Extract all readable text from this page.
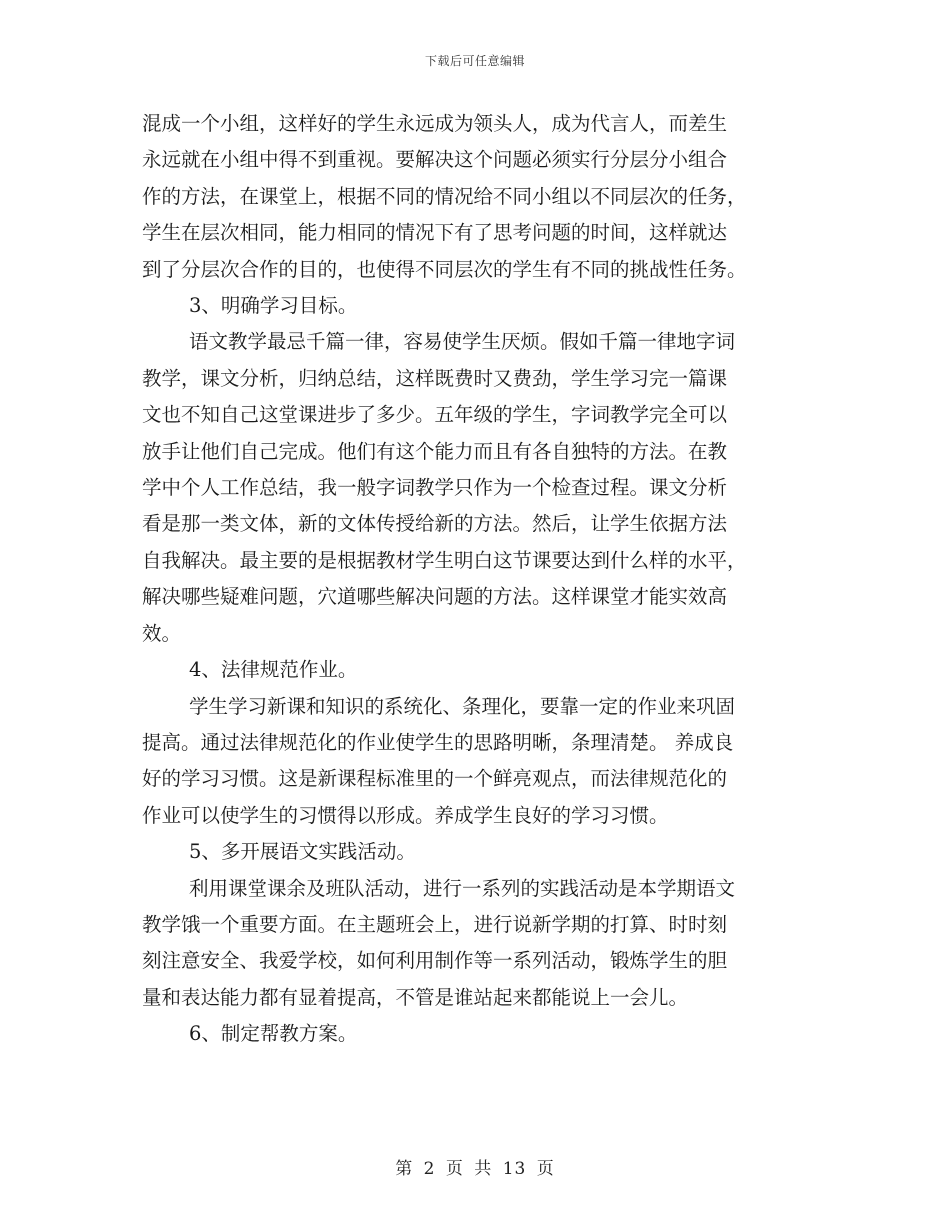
下载后可任意编辑
混成一个小组，这样好的学生永远成为领头人，成为代言人，而差生
永远就在小组中得不到重视。要解决这个问题必须实行分层分小组合
作的方法，在课堂上，根据不同的情况给不同小组以不同层次的任务，
学生在层次相同，能力相同的情况下有了思考问题的时间，这样就达
到了分层次合作的目的，也使得不同层次的学生有不同的挑战性任务。
3、明确学习目标。
语文教学最忌千篇一律，容易使学生厌烦。假如千篇一律地字词
教学，课文分析，归纳总结，这样既费时又费劲，学生学习完一篇课
文也不知自己这堂课进步了多少。五年级的学生，字词教学完全可以
放手让他们自己完成。他们有这个能力而且有各自独特的方法。在教
学中个人工作总结，我一般字词教学只作为一个检查过程。课文分析
看是那一类文体，新的文体传授给新的方法。然后，让学生依据方法
自我解决。最主要的是根据教材学生明白这节课要达到什么样的水平，
解决哪些疑难问题，穴道哪些解决问题的方法。这样课堂才能实效高
效。
4、法律规范作业。
学生学习新课和知识的系统化、条理化，要靠一定的作业来巩固
提高。通过法律规范化的作业使学生的思路明晰，条理清楚。 养成良
好的学习习惯。这是新课程标准里的一个鲜亮观点，而法律规范化的
作业可以使学生的习惯得以形成。养成学生良好的学习习惯。
5、多开展语文实践活动。
利用课堂课余及班队活动，进行一系列的实践活动是本学期语文
教学饿一个重要方面。在主题班会上，进行说新学期的打算、时时刻
刻注意安全、我爱学校，如何利用制作等一系列活动，锻炼学生的胆
量和表达能力都有显着提高，不管是谁站起来都能说上一会儿。
6、制定帮教方案。
第 2 页 共 13 页
